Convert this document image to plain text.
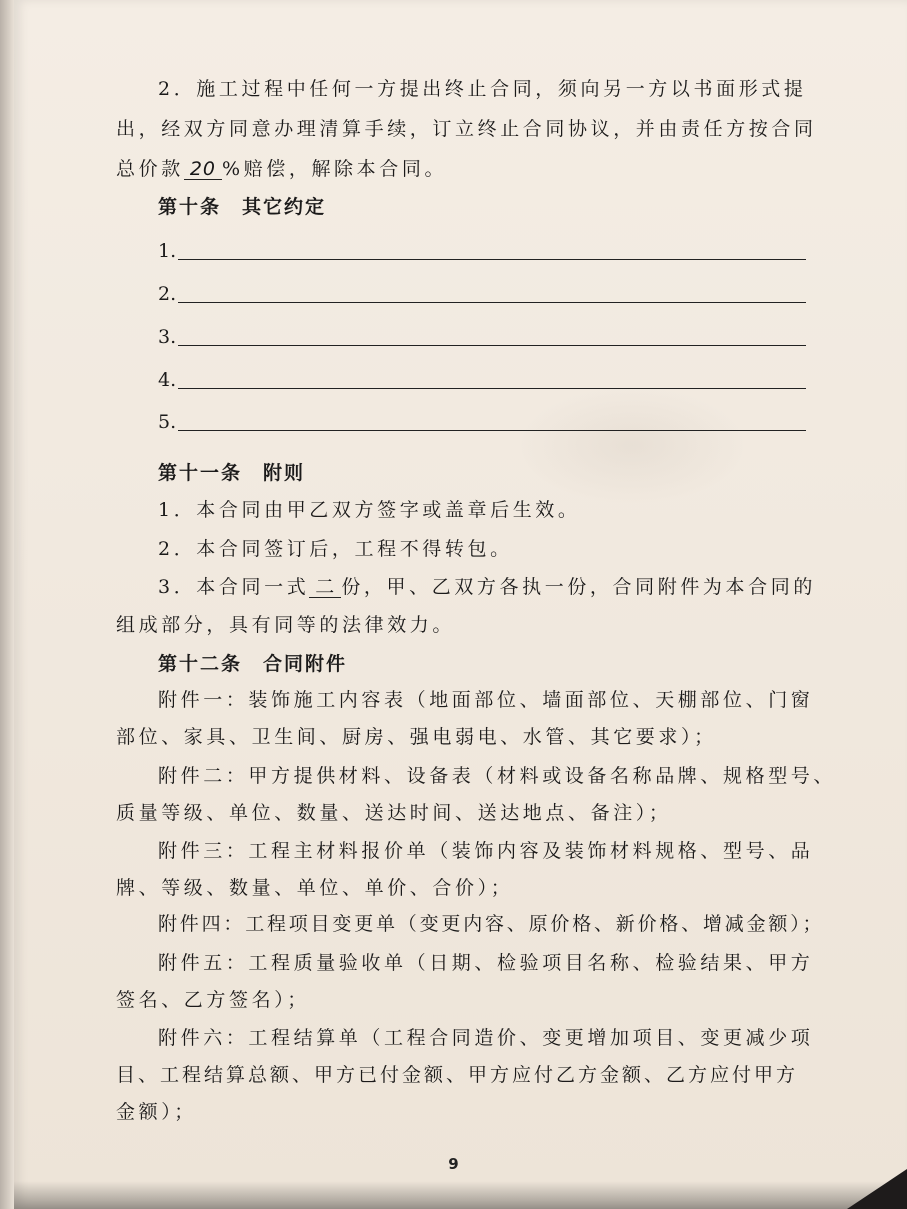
2．施工过程中任何一方提出终止合同，须向另一方以书面形式提
出，经双方同意办理清算手续，订立终止合同协议，并由责任方按合同
总价款 20 %赔偿，解除本合同。
第十条　其它约定
1.
2.
3.
4.
5.
第十一条　附则
1．本合同由甲乙双方签字或盖章后生效。
2．本合同签订后，工程不得转包。
3．本合同一式 二 份，甲、乙双方各执一份，合同附件为本合同的
组成部分，具有同等的法律效力。
第十二条　合同附件
附件一：装饰施工内容表（地面部位、墙面部位、天棚部位、门窗
部位、家具、卫生间、厨房、强电弱电、水管、其它要求）；
附件二：甲方提供材料、设备表（材料或设备名称品牌、规格型号、
质量等级、单位、数量、送达时间、送达地点、备注）；
附件三：工程主材料报价单（装饰内容及装饰材料规格、型号、品
牌、等级、数量、单位、单价、合价）；
附件四：工程项目变更单（变更内容、原价格、新价格、增减金额）；
附件五：工程质量验收单（日期、检验项目名称、检验结果、甲方
签名、乙方签名）；
附件六：工程结算单（工程合同造价、变更增加项目、变更减少项
目、工程结算总额、甲方已付金额、甲方应付乙方金额、乙方应付甲方
金额）；
9
